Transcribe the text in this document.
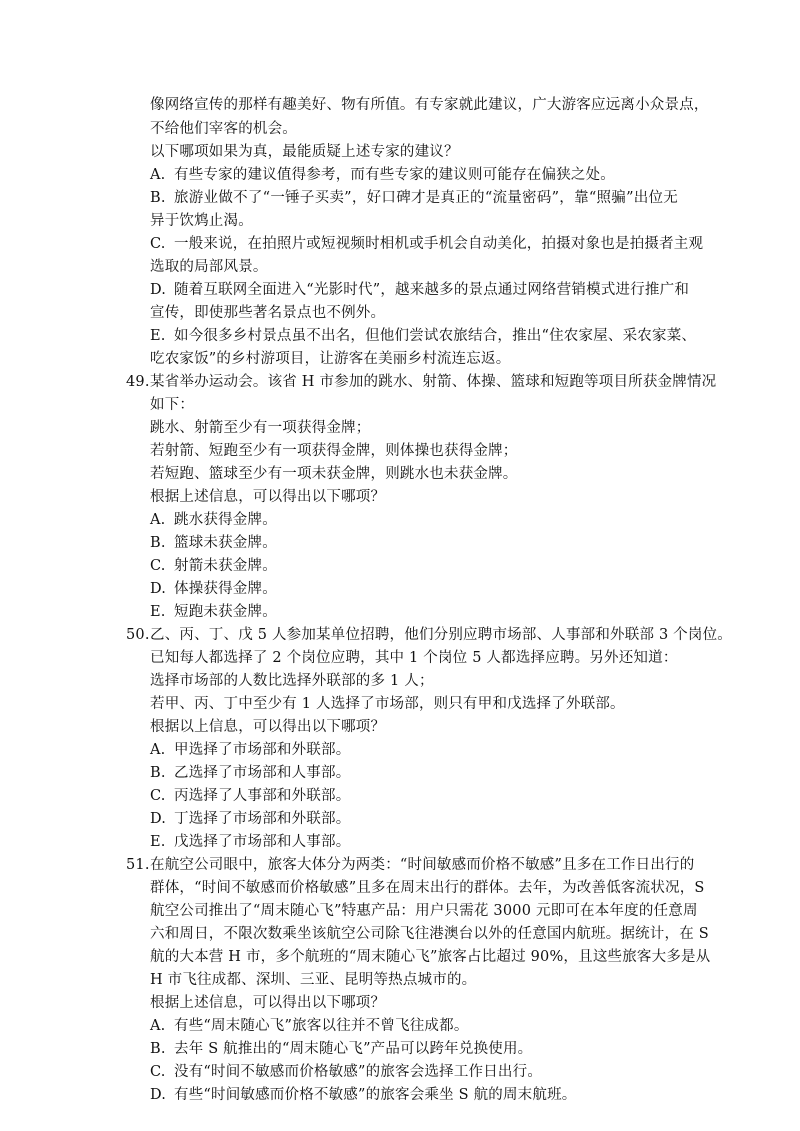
像网络宣传的那样有趣美好、物有所值。有专家就此建议，广大游客应远离小众景点，
不给他们宰客的机会。
以下哪项如果为真，最能质疑上述专家的建议？
A. 有些专家的建议值得参考，而有些专家的建议则可能存在偏狭之处。
B. 旅游业做不了“一锤子买卖”，好口碑才是真正的“流量密码”，靠“照骗”出位无
异于饮鸩止渴。
C. 一般来说，在拍照片或短视频时相机或手机会自动美化，拍摄对象也是拍摄者主观
选取的局部风景。
D. 随着互联网全面进入“光影时代”，越来越多的景点通过网络营销模式进行推广和
宣传，即使那些著名景点也不例外。
E. 如今很多乡村景点虽不出名，但他们尝试农旅结合，推出“住农家屋、采农家菜、
吃农家饭”的乡村游项目，让游客在美丽乡村流连忘返。
49. 某省举办运动会。该省 H 市参加的跳水、射箭、体操、篮球和短跑等项目所获金牌情况
如下：
跳水、射箭至少有一项获得金牌；
若射箭、短跑至少有一项获得金牌，则体操也获得金牌；
若短跑、篮球至少有一项未获金牌，则跳水也未获金牌。
根据上述信息，可以得出以下哪项？
A. 跳水获得金牌。
B. 篮球未获金牌。
C. 射箭未获金牌。
D. 体操获得金牌。
E. 短跑未获金牌。
50. 乙、丙、丁、戊 5 人参加某单位招聘，他们分别应聘市场部、人事部和外联部 3 个岗位。
已知每人都选择了 2 个岗位应聘，其中 1 个岗位 5 人都选择应聘。另外还知道：
选择市场部的人数比选择外联部的多 1 人；
若甲、丙、丁中至少有 1 人选择了市场部，则只有甲和戊选择了外联部。
根据以上信息，可以得出以下哪项？
A. 甲选择了市场部和外联部。
B. 乙选择了市场部和人事部。
C. 丙选择了人事部和外联部。
D. 丁选择了市场部和外联部。
E. 戊选择了市场部和人事部。
51. 在航空公司眼中，旅客大体分为两类：“时间敏感而价格不敏感”且多在工作日出行的
群体，“时间不敏感而价格敏感”且多在周末出行的群体。去年，为改善低客流状况，S
航空公司推出了“周末随心飞”特惠产品：用户只需花 3000 元即可在本年度的任意周
六和周日，不限次数乘坐该航空公司除飞往港澳台以外的任意国内航班。据统计，在 S
航的大本营 H 市，多个航班的“周末随心飞”旅客占比超过 90%，且这些旅客大多是从
H 市飞往成都、深圳、三亚、昆明等热点城市的。
根据上述信息，可以得出以下哪项？
A. 有些“周末随心飞”旅客以往并不曾飞往成都。
B. 去年 S 航推出的“周末随心飞”产品可以跨年兑换使用。
C. 没有“时间不敏感而价格敏感”的旅客会选择工作日出行。
D. 有些“时间敏感而价格不敏感”的旅客会乘坐 S 航的周末航班。
